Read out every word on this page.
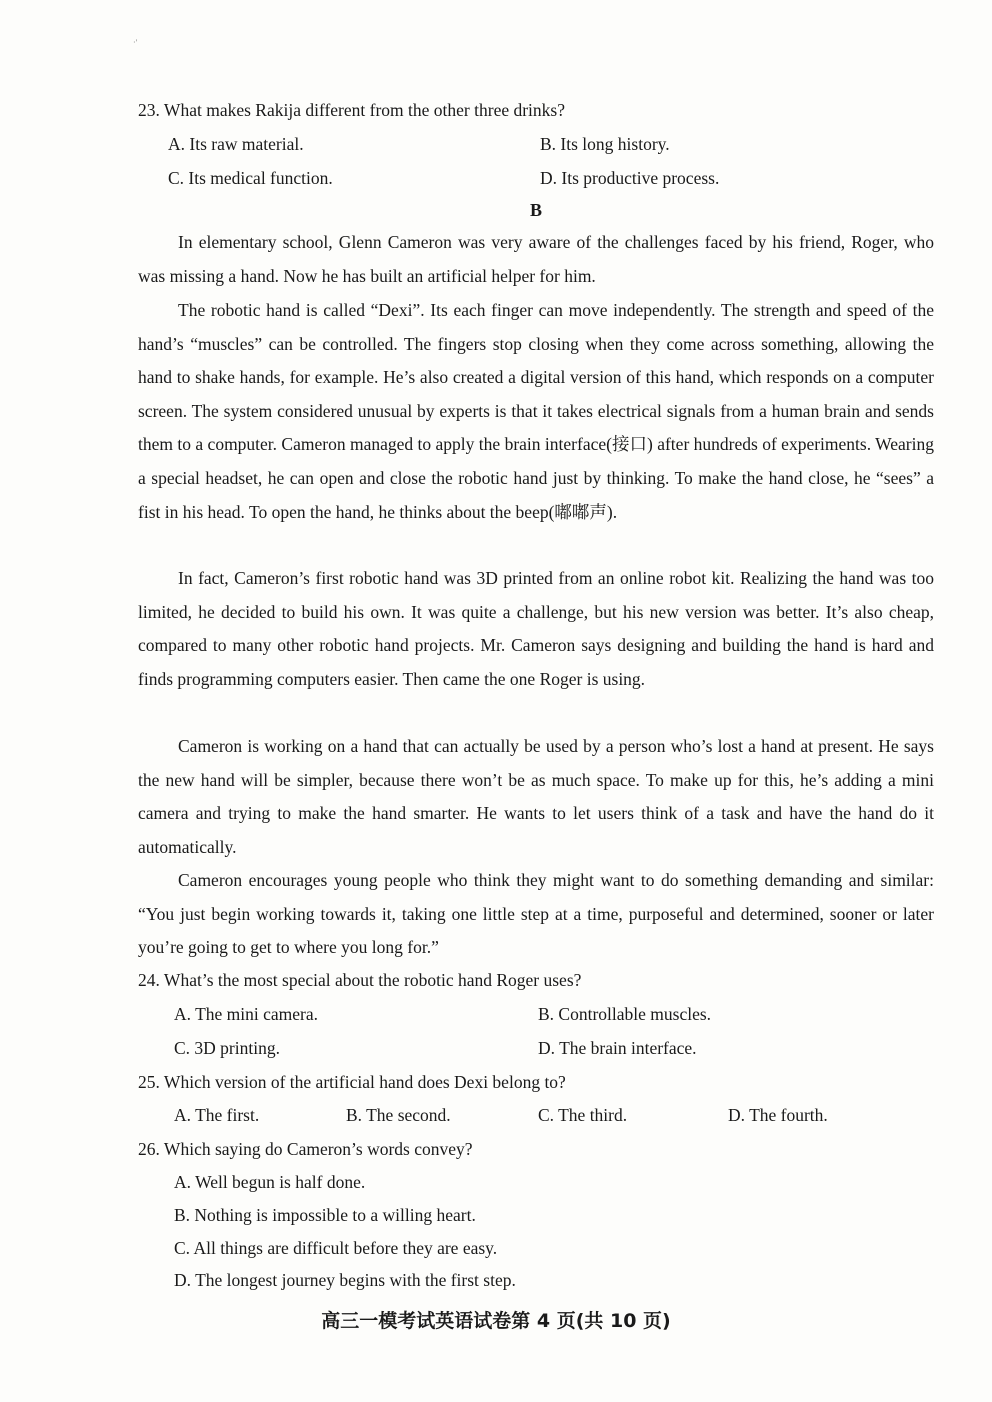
·'
23. What makes Rakija different from the other three drinks?
A. Its raw material.	B. Its long history.
C. Its medical function.	D. Its productive process.
B

In elementary school, Glenn Cameron was very aware of the challenges faced by his friend, Roger, who was missing a hand. Now he has built an artificial helper for him.

The robotic hand is called “Dexi”. Its each finger can move independently. The strength and speed of the hand’s “muscles” can be controlled. The fingers stop closing when they come across something, allowing the hand to shake hands, for example. He’s also created a digital version of this hand, which responds on a computer screen. The system considered unusual by experts is that it takes electrical signals from a human brain and sends them to a computer. Cameron managed to apply the brain interface(接口) after hundreds of experiments. Wearing a special headset, he can open and close the robotic hand just by thinking. To make the hand close, he “sees” a fist in his head. To open the hand, he thinks about the beep(嘟嘟声).

In fact, Cameron’s first robotic hand was 3D printed from an online robot kit. Realizing the hand was too limited, he decided to build his own. It was quite a challenge, but his new version was better. It’s also cheap, compared to many other robotic hand projects. Mr. Cameron says designing and building the hand is hard and finds programming computers easier. Then came the one Roger is using.

Cameron is working on a hand that can actually be used by a person who’s lost a hand at present. He says the new hand will be simpler, because there won’t be as much space. To make up for this, he’s adding a mini camera and trying to make the hand smarter. He wants to let users think of a task and have the hand do it automatically.

Cameron encourages young people who think they might want to do something demanding and similar: “You just begin working towards it, taking one little step at a time, purposeful and determined, sooner or later you’re going to get to where you long for.”

24. What’s the most special about the robotic hand Roger uses?
A. The mini camera.	B. Controllable muscles.
C. 3D printing.	D. The brain interface.
25. Which version of the artificial hand does Dexi belong to?
A. The first.	B. The second.	C. The third.	D. The fourth.
26. Which saying do Cameron’s words convey?
A. Well begun is half done.
B. Nothing is impossible to a willing heart.
C. All things are difficult before they are easy.
D. The longest journey begins with the first step.
高三一模考试英语试卷第 4 页(共 10 页)
